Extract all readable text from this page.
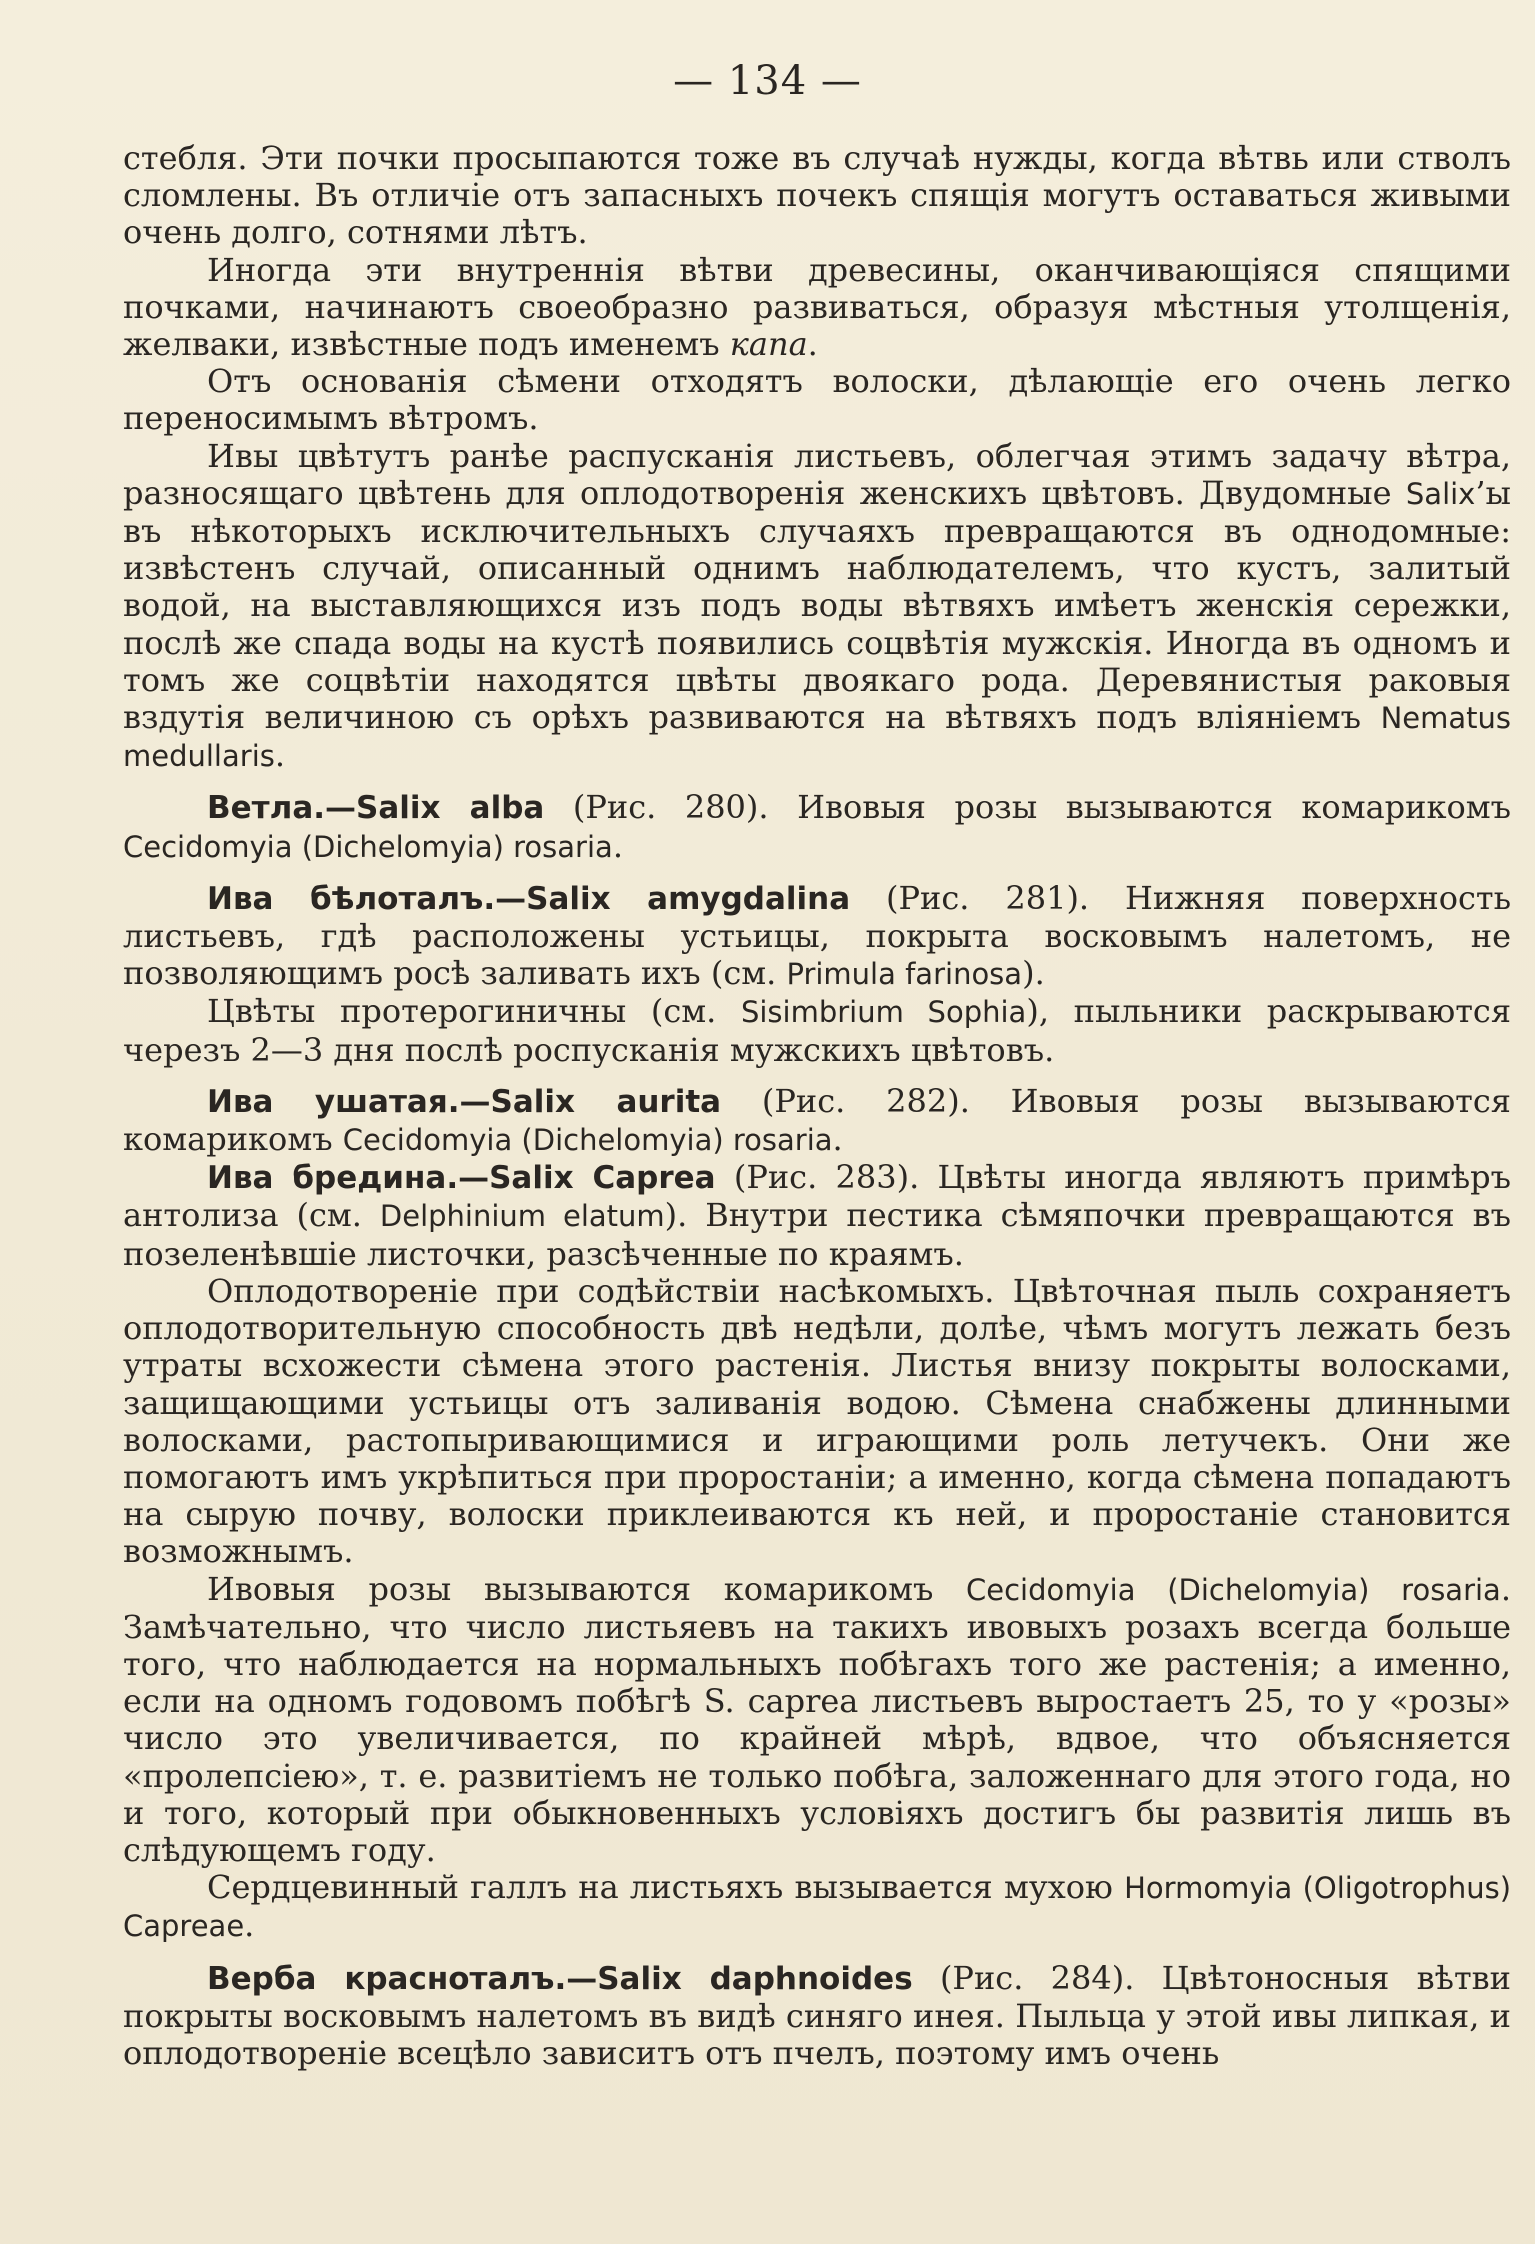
— 134 —

стебля. Эти почки просыпаются тоже въ случаѣ нужды, когда вѣтвь или стволъ сломлены. Въ отличіе отъ запасныхъ почекъ спящія могутъ оставаться живыми очень долго, сотнями лѣтъ.

Иногда эти внутреннія вѣтви древесины, оканчивающіяся спящими почками, начинаютъ своеобразно развиваться, образуя мѣстныя утолщенія, желваки, извѣстные подъ именемъ капа.

Отъ основанія сѣмени отходятъ волоски, дѣлающіе его очень легко переносимымъ вѣтромъ.

Ивы цвѣтутъ ранѣе распусканія листьевъ, облегчая этимъ задачу вѣтра, разносящаго цвѣтень для оплодотворенія женскихъ цвѣтовъ. Двудомные Salix’ы въ нѣкоторыхъ исключительныхъ случаяхъ превращаются въ однодомные: извѣстенъ случай, описанный однимъ наблюдателемъ, что кустъ, залитый водой, на выставляющихся изъ подъ воды вѣтвяхъ имѣетъ женскія сережки, послѣ же спада воды на кустѣ появились соцвѣтія мужскія. Иногда въ одномъ и томъ же соцвѣтіи находятся цвѣты двоякаго рода. Деревянистыя раковыя вздутія величиною съ орѣхъ развиваются на вѣтвяхъ подъ вліяніемъ Nematus medullaris.

Ветла.—Salix alba (Рис. 280). Ивовыя розы вызываются комарикомъ Cecidomyia (Dichelomyia) rosaria.

Ива бѣлоталъ.—Salix amygdalina (Рис. 281). Нижняя поверхность листьевъ, гдѣ расположены устьицы, покрыта восковымъ налетомъ, не позволяющимъ росѣ заливать ихъ (см. Primula farinosa).

Цвѣты протерогиничны (см. Sisimbrium Sophia), пыльники раскрываются черезъ 2—3 дня послѣ роспусканія мужскихъ цвѣтовъ.

Ива ушатая.—Salix aurita (Рис. 282). Ивовыя розы вызываются комарикомъ Cecidomyia (Dichelomyia) rosaria.

Ива бредина.—Salix Caprea (Рис. 283). Цвѣты иногда являютъ примѣръ антолиза (см. Delphinium elatum). Внутри пестика сѣмяпочки превращаются въ позеленѣвшіе листочки, разсѣченные по краямъ.

Оплодотвореніе при содѣйствіи насѣкомыхъ. Цвѣточная пыль сохраняетъ оплодотворительную способность двѣ недѣли, долѣе, чѣмъ могутъ лежать безъ утраты всхожести сѣмена этого растенія. Листья внизу покрыты волосками, защищающими устьицы отъ заливанія водою. Сѣмена снабжены длинными волосками, растопыривающимися и играющими роль летучекъ. Они же помогаютъ имъ укрѣпиться при проростаніи; а именно, когда сѣмена попадаютъ на сырую почву, волоски приклеиваются къ ней, и проростаніе становится возможнымъ.

Ивовыя розы вызываются комарикомъ Cecidomyia (Dichelomyia) rosaria. Замѣчательно, что число листьяевъ на такихъ ивовыхъ розахъ всегда больше того, что наблюдается на нормальныхъ побѣгахъ того же растенія; а именно, если на одномъ годовомъ побѣгѣ S. caprea листьевъ выростаетъ 25, то у «розы» число это увеличивается, по крайней мѣрѣ, вдвое, что объясняется «пролепсіею», т. е. развитіемъ не только побѣга, заложеннаго для этого года, но и того, который при обыкновенныхъ условіяхъ достигъ бы развитія лишь въ слѣдующемъ году.

Сердцевинный галлъ на листьяхъ вызывается мухою Hormomyia (Oligotrophus) Capreae.

Верба красноталъ.—Salix daphnoides (Рис. 284). Цвѣтоносныя вѣтви покрыты восковымъ налетомъ въ видѣ синяго инея. Пыльца у этой ивы липкая, и оплодотвореніе всецѣло зависитъ отъ пчелъ, поэтому имъ очень
